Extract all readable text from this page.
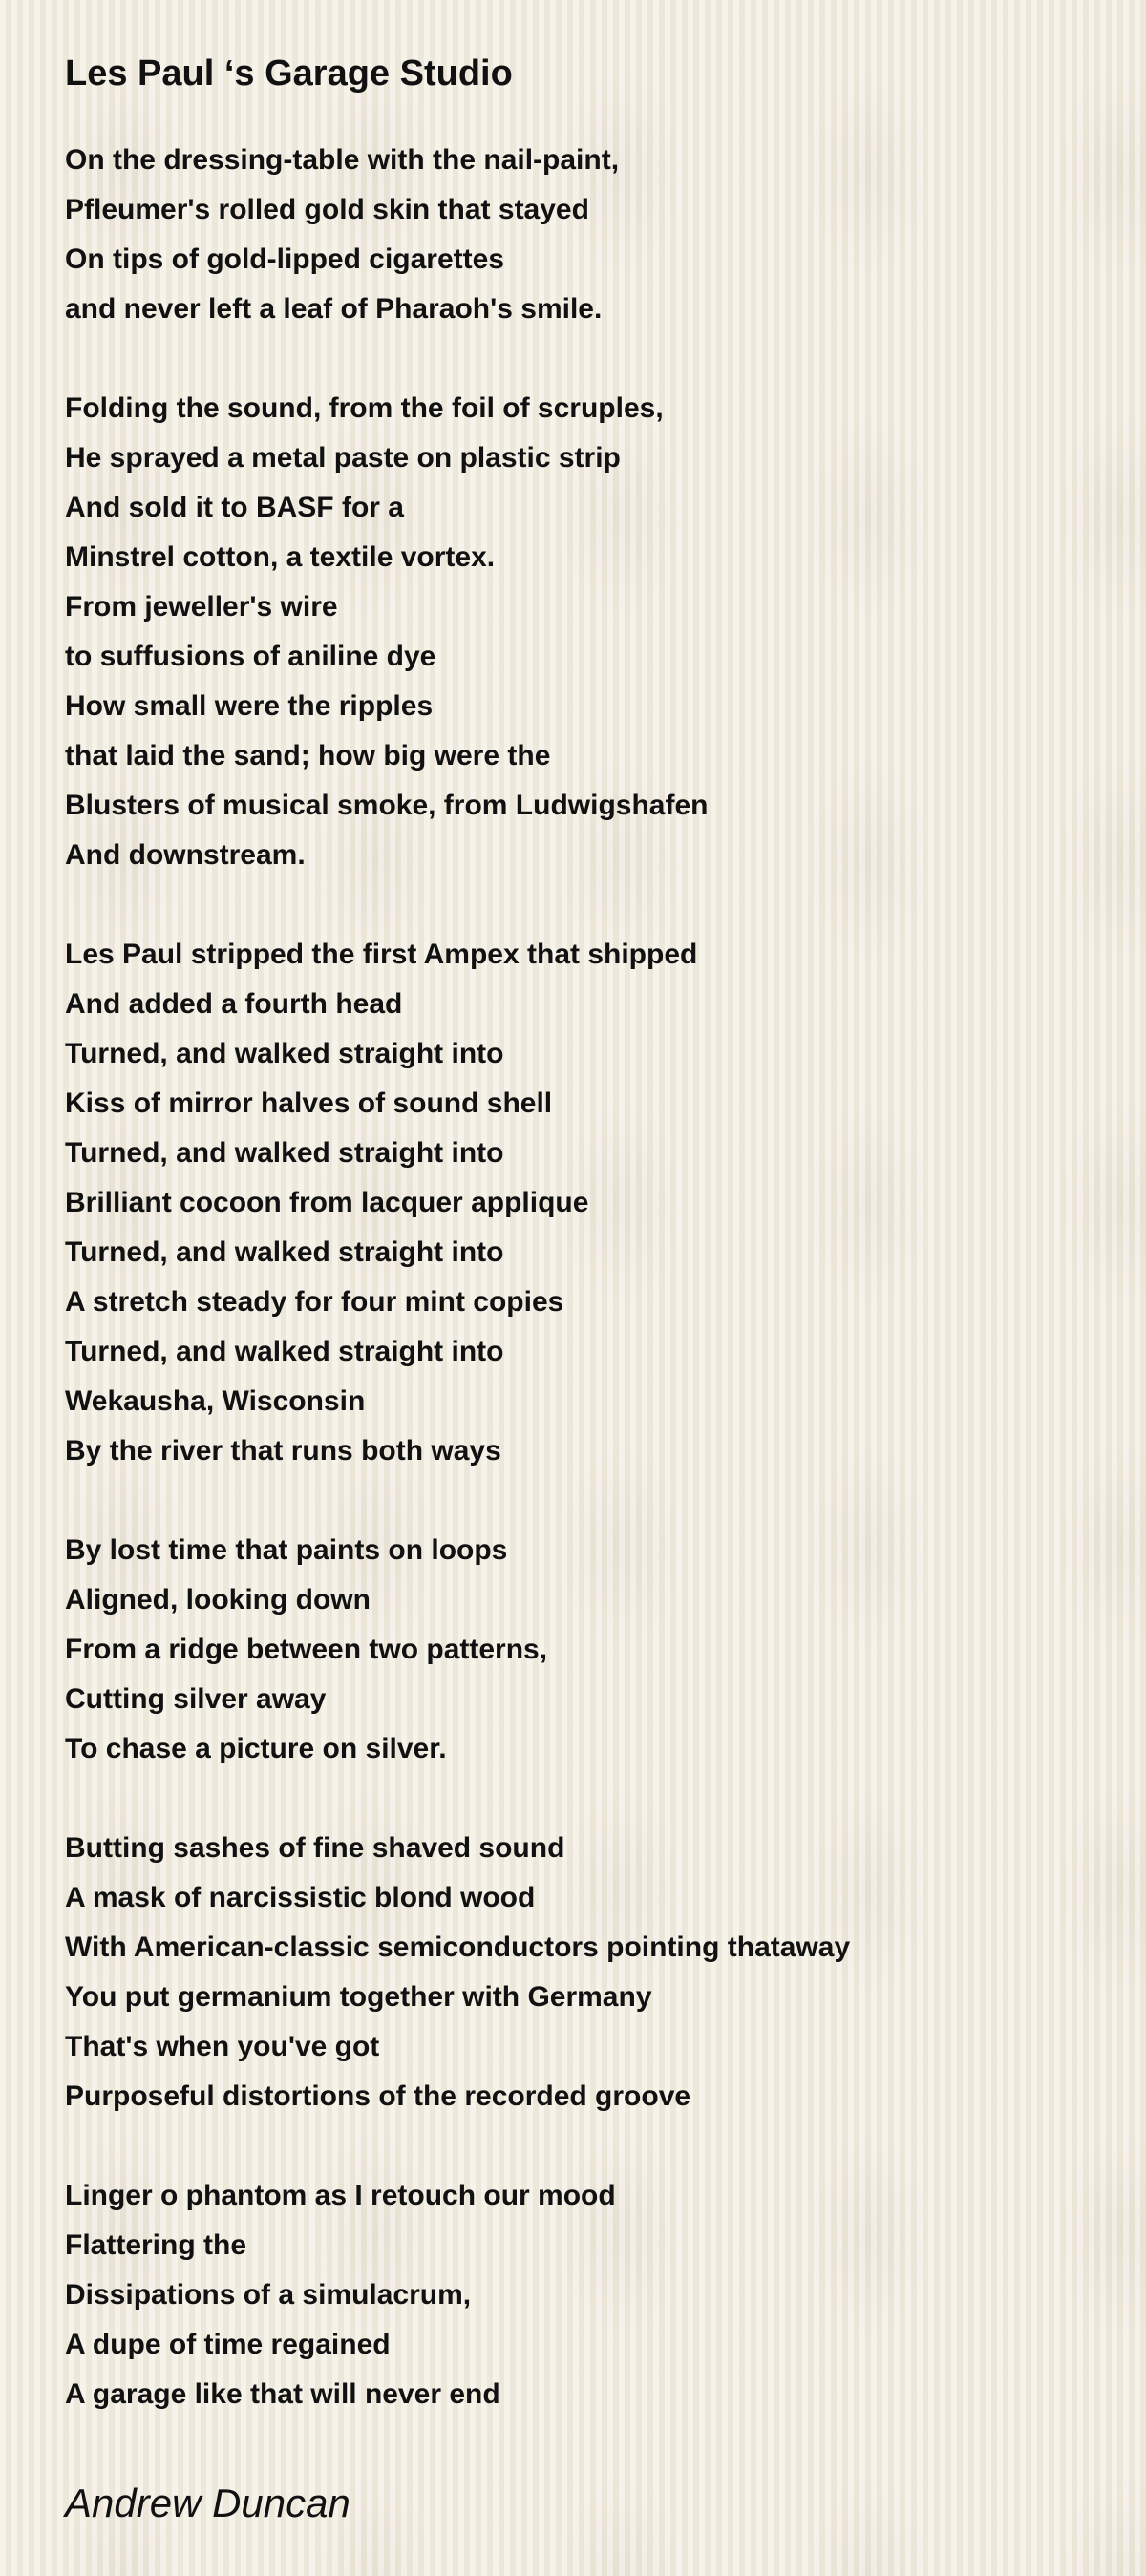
Les Paul ‘s Garage Studio
On the dressing-table with the nail-paint,
Pfleumer's rolled gold skin that stayed
On tips of gold-lipped cigarettes
and never left a leaf of Pharaoh's smile.
Folding the sound, from the foil of scruples,
He sprayed a metal paste on plastic strip
And sold it to BASF for a
Minstrel cotton, a textile vortex.
From jeweller's wire
to suffusions of aniline dye
How small were the ripples
that laid the sand; how big were the
Blusters of musical smoke, from Ludwigshafen
And downstream.
Les Paul stripped the first Ampex that shipped
And added a fourth head
Turned, and walked straight into
Kiss of mirror halves of sound shell
Turned, and walked straight into
Brilliant cocoon from lacquer applique
Turned, and walked straight into
A stretch steady for four mint copies
Turned, and walked straight into
Wekausha, Wisconsin
By the river that runs both ways
By lost time that paints on loops
Aligned, looking down
From a ridge between two patterns,
Cutting silver away
To chase a picture on silver.
Butting sashes of fine shaved sound
A mask of narcissistic blond wood
With American-classic semiconductors pointing thataway
You put germanium together with Germany
That's when you've got
Purposeful distortions of the recorded groove
Linger o phantom as I retouch our mood
Flattering the
Dissipations of a simulacrum,
A dupe of time regained
A garage like that will never end
Andrew Duncan
